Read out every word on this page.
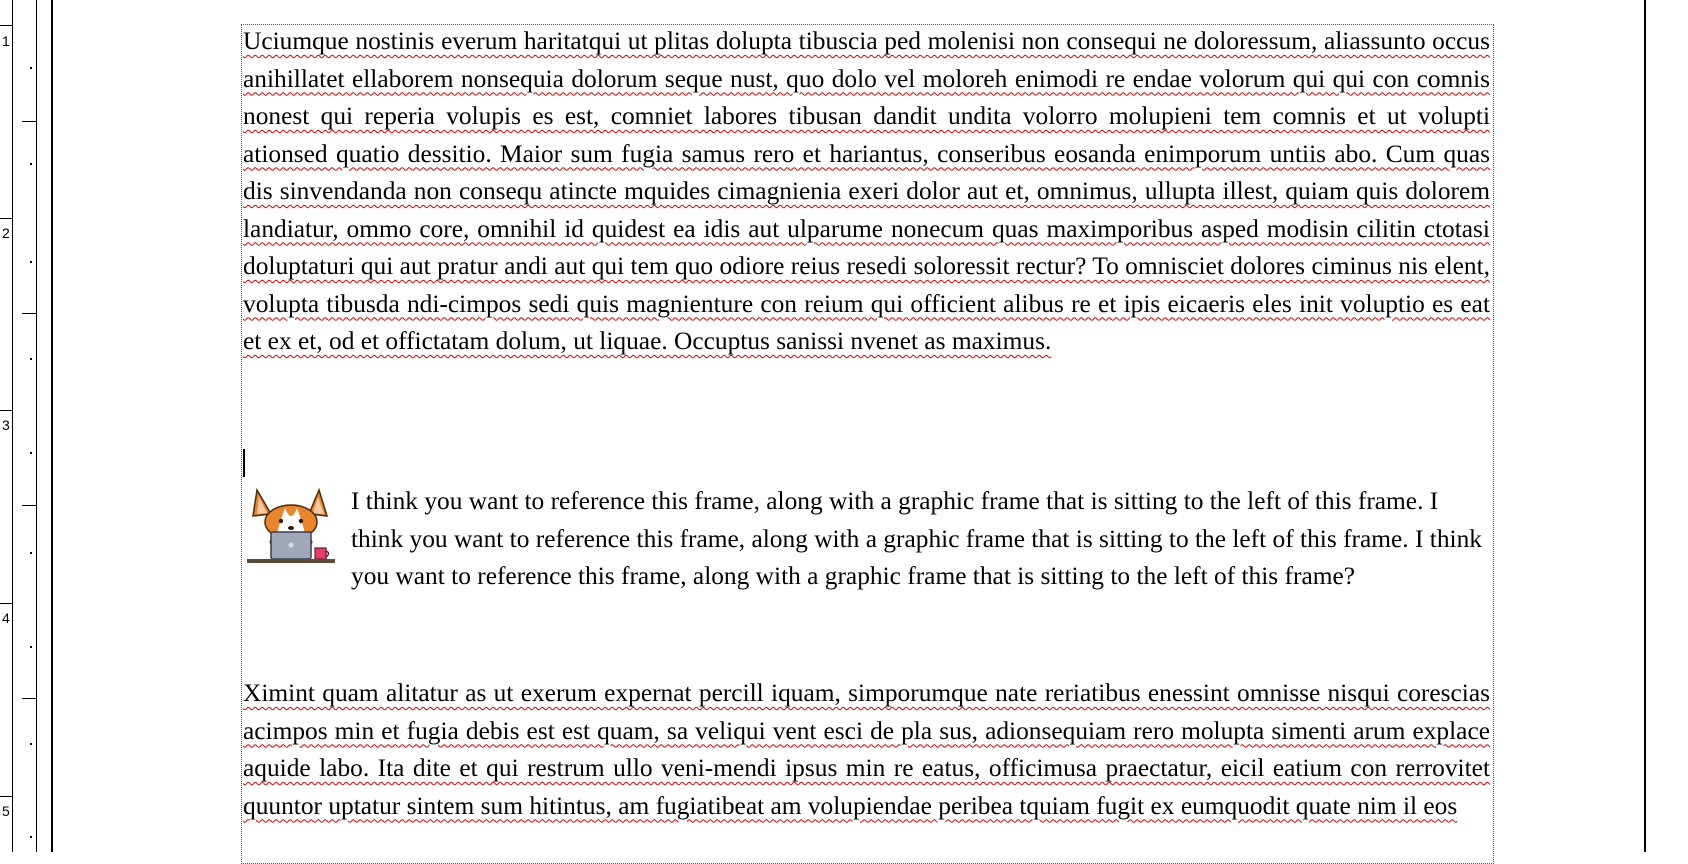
1
2
3
4
5

Uciumque nostinis everum haritatqui ut plitas dolupta tibuscia ped molenisi non consequi ne doloressum, aliassunto occus anihillatet ellaborem nonsequia dolorum seque nust, quo dolo vel moloreh enimodi re endae volorum qui qui con comnis nonest qui reperia volupis es est, comniet labores tibusan dandit undita volorro molupieni tem comnis et ut volupti ationsed quatio dessitio. Maior sum fugia samus rero et hariantus, conseribus eosanda enimporum untiis abo. Cum quas dis sinvendanda non consequ atincte mquides cimagnienia exeri dolor aut et, omnimus, ullupta illest, quiam quis dolorem landiatur, ommo core, omnihil id quidest ea idis aut ulparume nonecum quas maximporibus asped modisin cilitin ctotasi doluptaturi qui aut pratur andi aut qui tem quo odiore reius resedi soloressit rectur? To omnisciet dolores ciminus nis elent, volupta tibusda ndi-cimpos sedi quis magnienture con reium qui officient alibus re et ipis eicaeris eles init voluptio es eat et ex et, od et offictatam dolum, ut liquae. Occuptus sanissi nvenet as maximus.

I think you want to reference this frame, along with a graphic frame that is sitting to the left of this frame. I think you want to reference this frame, along with a graphic frame that is sitting to the left of this frame. I think you want to reference this frame, along with a graphic frame that is sitting to the left of this frame?

Ximint quam alitatur as ut exerum expernat percill iquam, simporumque nate reriatibus enessint omnisse nisqui corescias acimpos min et fugia debis est est quam, sa veliqui vent esci de pla sus, adionsequiam rero molupta simenti arum explace aquide labo. Ita dite et qui restrum ullo veni-mendi ipsus min re eatus, officimusa praectatur, eicil eatium con rerrovitet quuntor uptatur sintem sum hitintus, am fugiatibeat am volupiendae peribea tquiam fugit ex eumquodit quate nim il eos
